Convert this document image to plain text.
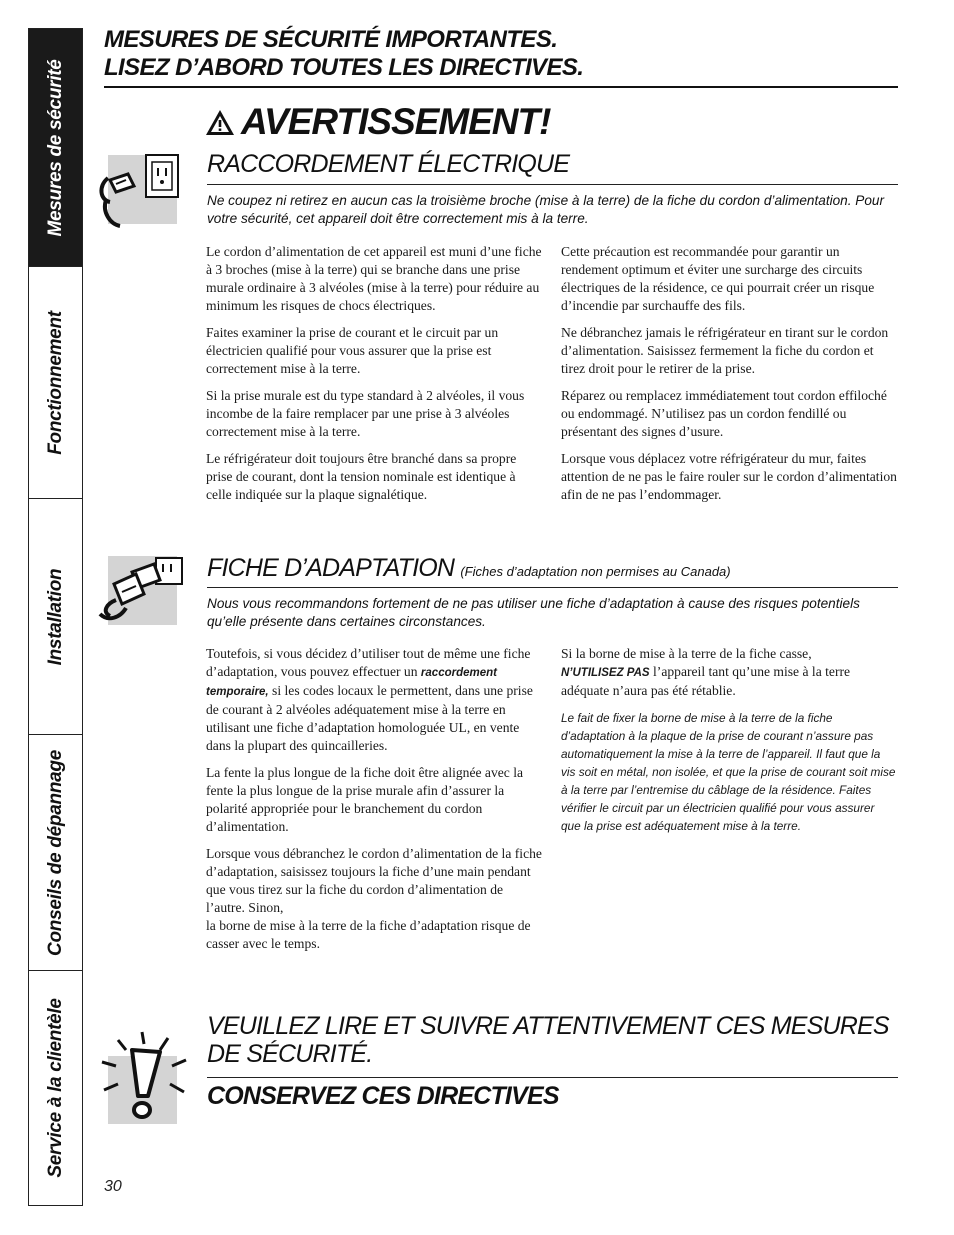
Mesures de sécurité
Fonctionnement
Installation
Conseils de dépannage
Service à la clientèle
MESURES DE SÉCURITÉ IMPORTANTES.
LISEZ D’ABORD TOUTES LES DIRECTIVES.
AVERTISSEMENT!
RACCORDEMENT ÉLECTRIQUE
Ne coupez ni retirez en aucun cas la troisième broche (mise à la terre) de la fiche du cordon d’alimentation. Pour votre sécurité, cet appareil doit être correctement mis à la terre.

Le cordon d’alimentation de cet appareil est muni d’une fiche à 3 broches (mise à la terre) qui se branche dans une prise murale ordinaire à 3 alvéoles (mise à la terre) pour réduire au minimum les risques de chocs électriques.

Faites examiner la prise de courant et le circuit par un électricien qualifié pour vous assurer que la prise est correctement mise à la terre.

Si la prise murale est du type standard à 2 alvéoles, il vous incombe de la faire remplacer par une prise à 3 alvéoles correctement mise à la terre.

Le réfrigérateur doit toujours être branché dans sa propre prise de courant, dont la tension nominale est identique à celle indiquée sur la plaque signalétique.

Cette précaution est recommandée pour garantir un rendement optimum et éviter une surcharge des circuits électriques de la résidence, ce qui pourrait créer un risque d’incendie par surchauffe des fils.

Ne débranchez jamais le réfrigérateur en tirant sur le cordon d’alimentation. Saisissez fermement la fiche du cordon et tirez droit pour le retirer de la prise.

Réparez ou remplacez immédiatement tout cordon effiloché ou endommagé. N’utilisez pas un cordon fendillé ou présentant des signes d’usure.

Lorsque vous déplacez votre réfrigérateur du mur, faites attention de ne pas le faire rouler sur le cordon d’alimentation afin de ne pas l’endommager.

FICHE D’ADAPTATION (Fiches d’adaptation non permises au Canada)
Nous vous recommandons fortement de ne pas utiliser une fiche d’adaptation à cause des risques potentiels qu’elle présente dans certaines circonstances.

Toutefois, si vous décidez d’utiliser tout de même une fiche d’adaptation, vous pouvez effectuer un raccordement temporaire, si les codes locaux le permettent, dans une prise de courant à 2 alvéoles adéquatement mise à la terre en utilisant une fiche d’adaptation homologuée UL, en vente dans la plupart des quincailleries.

La fente la plus longue de la fiche doit être alignée avec la fente la plus longue de la prise murale afin d’assurer la polarité appropriée pour le branchement du cordon d’alimentation.

Lorsque vous débranchez le cordon d’alimentation de la fiche d’adaptation, saisissez toujours la fiche d’une main pendant que vous tirez sur la fiche du cordon d’alimentation de l’autre. Sinon,
la borne de mise à la terre de la fiche d’adaptation risque de casser avec le temps.

Si la borne de mise à la terre de la fiche casse,
N’UTILISEZ PAS l’appareil tant qu’une mise à la terre adéquate n’aura pas été rétablie.

Le fait de fixer la borne de mise à la terre de la fiche d’adaptation à la plaque de la prise de courant n’assure pas automatiquement la mise à la terre de l’appareil. Il faut que la vis soit en métal, non isolée, et que la prise de courant soit mise à la terre par l’entremise du câblage de la résidence. Faites vérifier le circuit par un électricien qualifié pour vous assurer que la prise est adéquatement mise à la terre.

VEUILLEZ LIRE ET SUIVRE ATTENTIVEMENT CES MESURES
DE SÉCURITÉ.
CONSERVEZ CES DIRECTIVES
30
